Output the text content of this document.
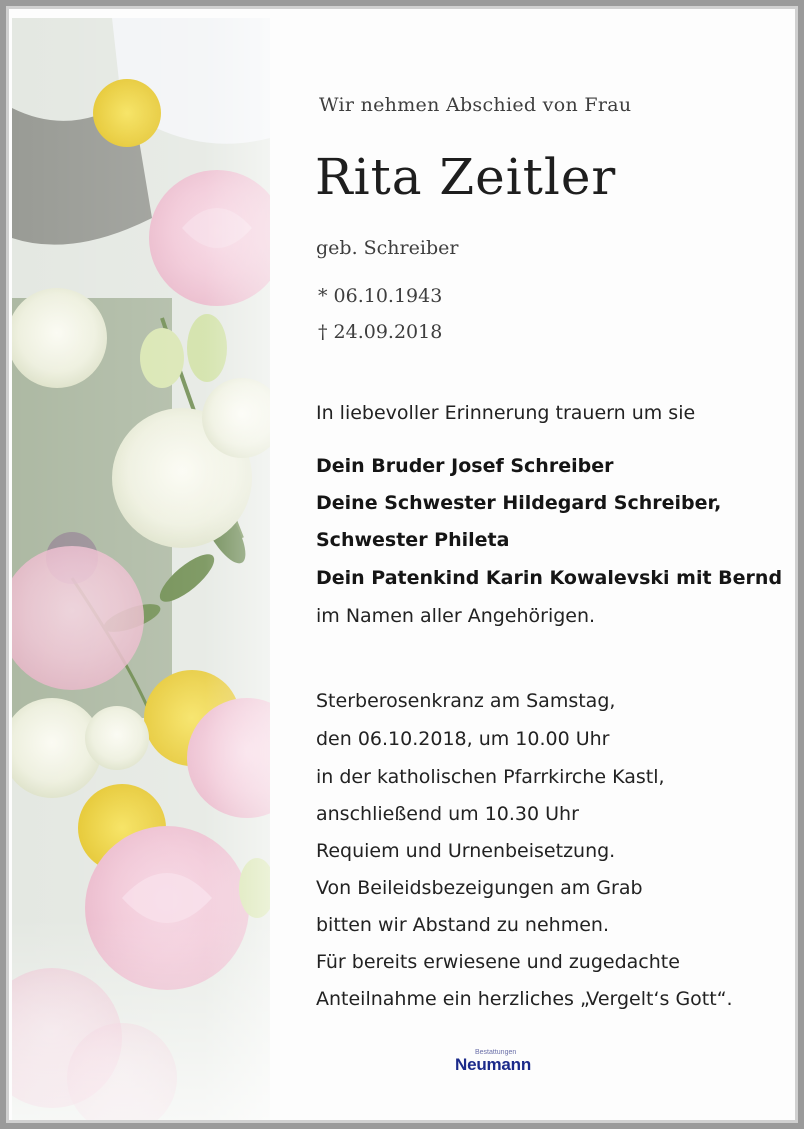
Wir nehmen Abschied von Frau
Rita Zeitler
geb. Schreiber
* 06.10.1943
† 24.09.2018
In liebevoller Erinnerung trauern um sie
Dein Bruder Josef Schreiber
Deine Schwester Hildegard Schreiber,
Schwester Phileta
Dein Patenkind Karin Kowalevski mit Bernd
im Namen aller Angehörigen.
Sterberosenkranz am Samstag,
den 06.10.2018, um 10.00 Uhr
in der katholischen Pfarrkirche Kastl,
anschließend um 10.30 Uhr
Requiem und Urnenbeisetzung.
Von Beileidsbezeigungen am Grab
bitten wir Abstand zu nehmen.
Für bereits erwiesene und zugedachte
Anteilnahme ein herzliches „Vergelt‘s Gott“.
Bestattungen
Neumann
